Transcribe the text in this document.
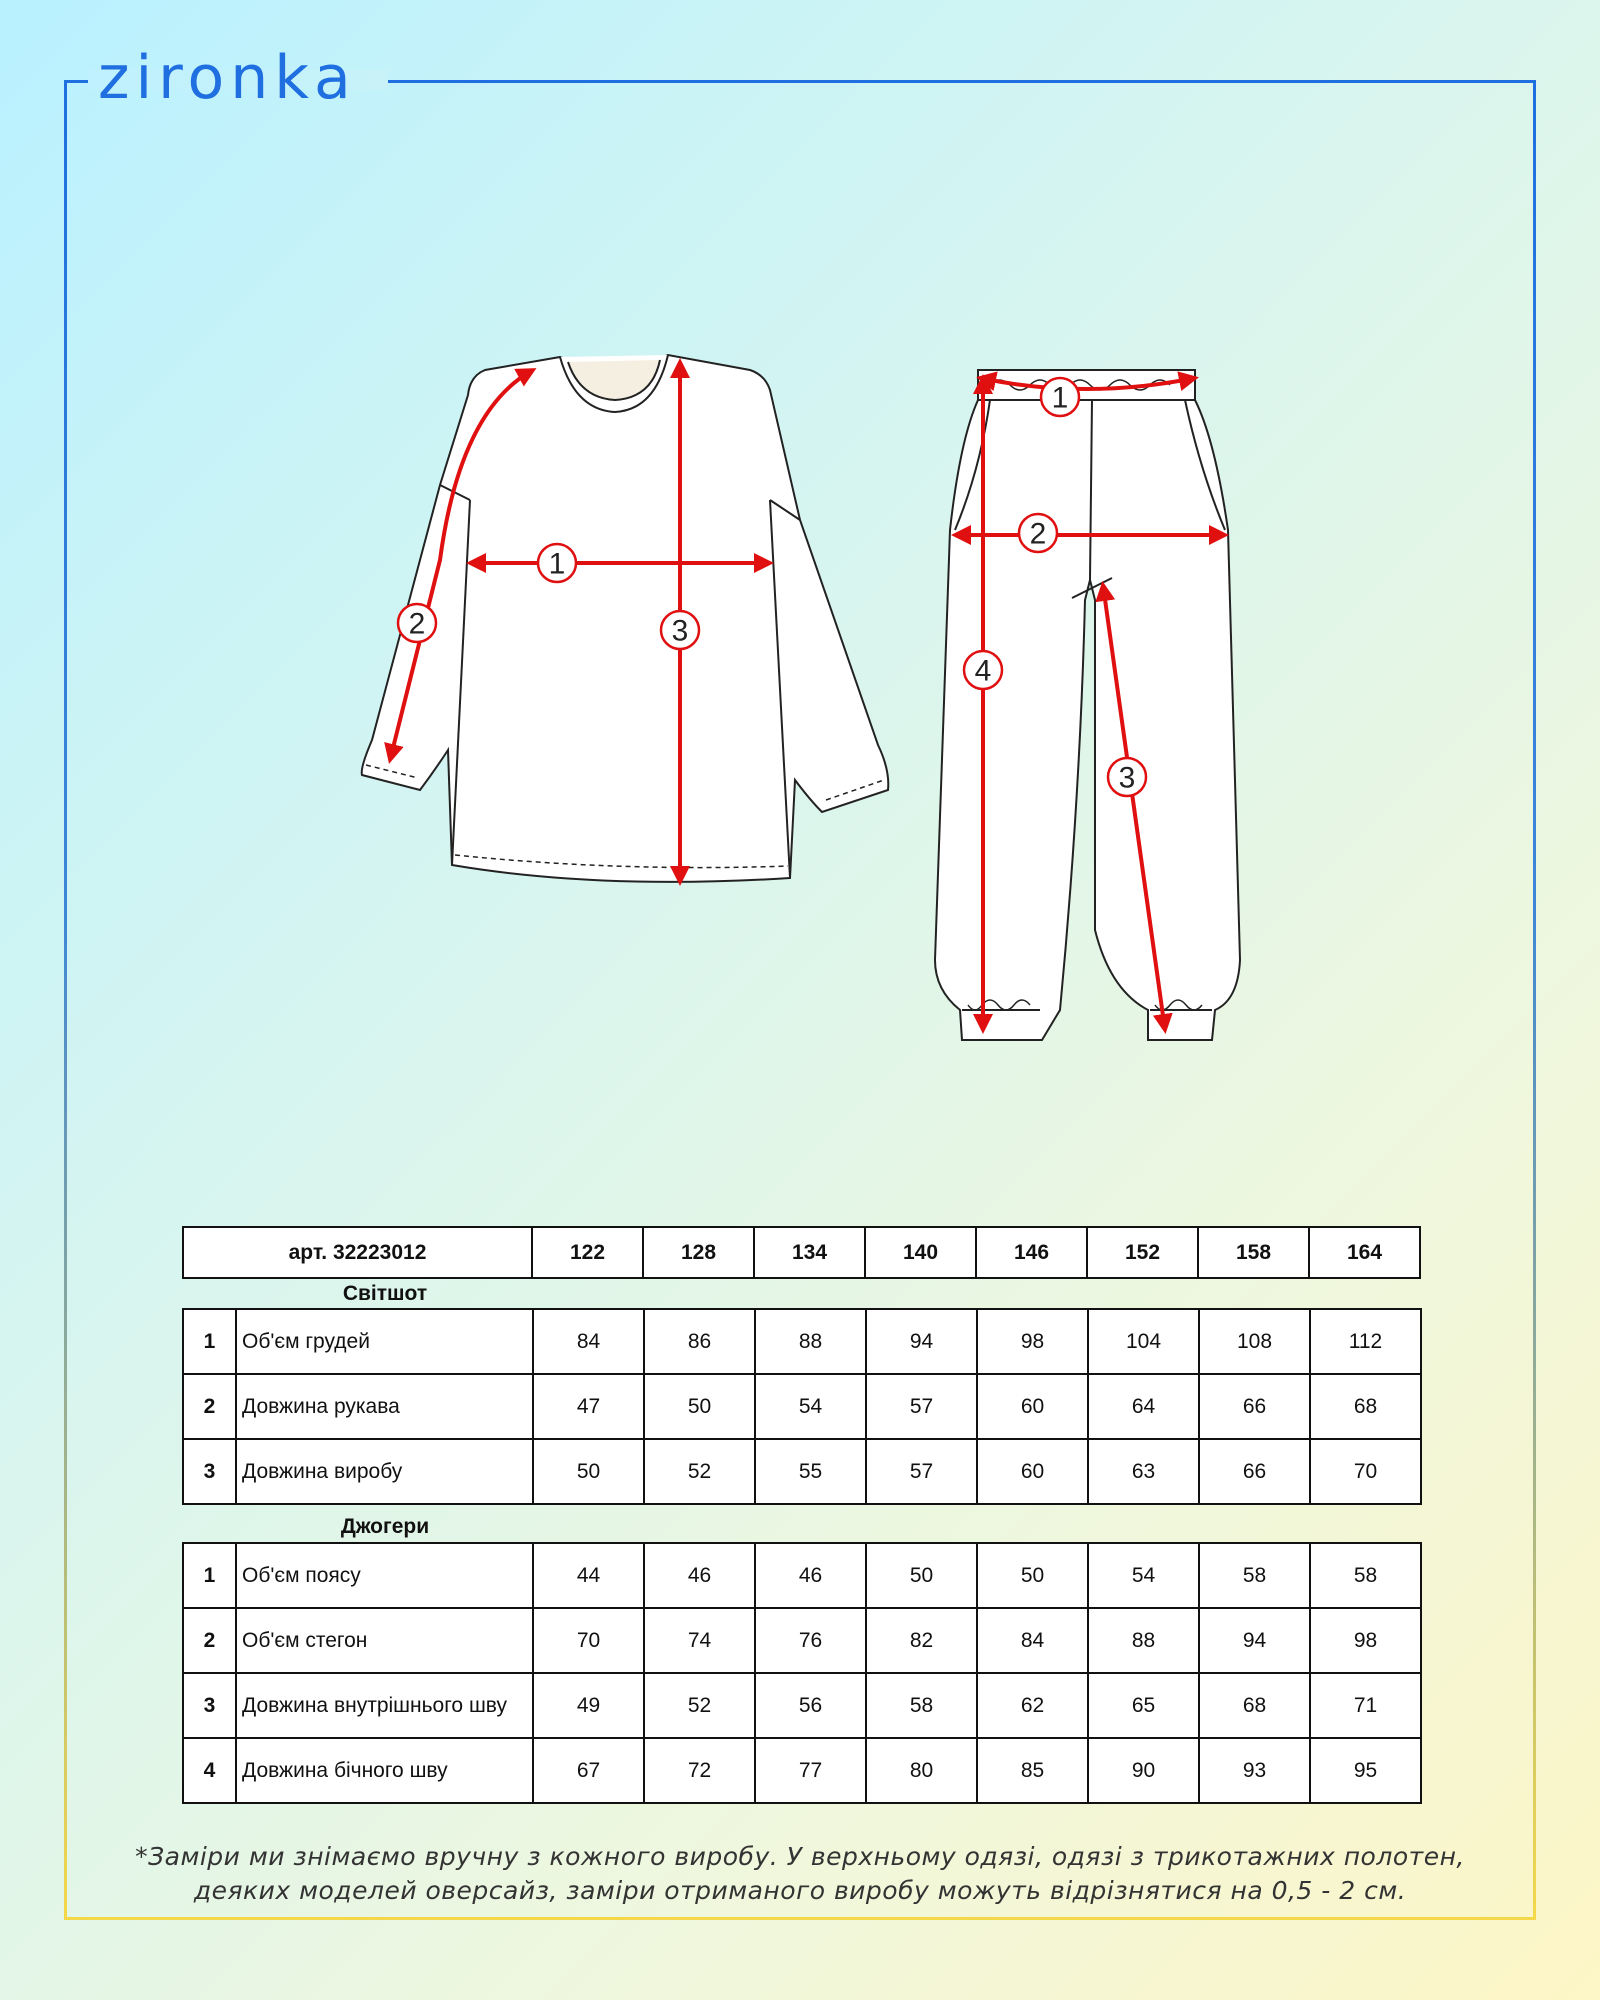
zironka
1
2	3
1
2
3
4
арт. 32223012	122	128	134	140	146	152	158	164
Світшот
1	Об'єм грудей	84	86	88	94	98	104	108	112
2	Довжина рукава	47	50	54	57	60	64	66	68
3	Довжина виробу	50	52	55	57	60	63	66	70
Джогери
1	Об'єм поясу	44	46	46	50	50	54	58	58
2	Об'єм стегон	70	74	76	82	84	88	94	98
3	Довжина внутрішнього шву	49	52	56	58	62	65	68	71
4	Довжина бічного шву	67	72	77	80	85	90	93	95
*Заміри ми знімаємо вручну з кожного виробу. У верхньому одязі, одязі з трикотажних полотен,
деяких моделей оверсайз, заміри отриманого виробу можуть відрізнятися на 0,5 - 2 см.
